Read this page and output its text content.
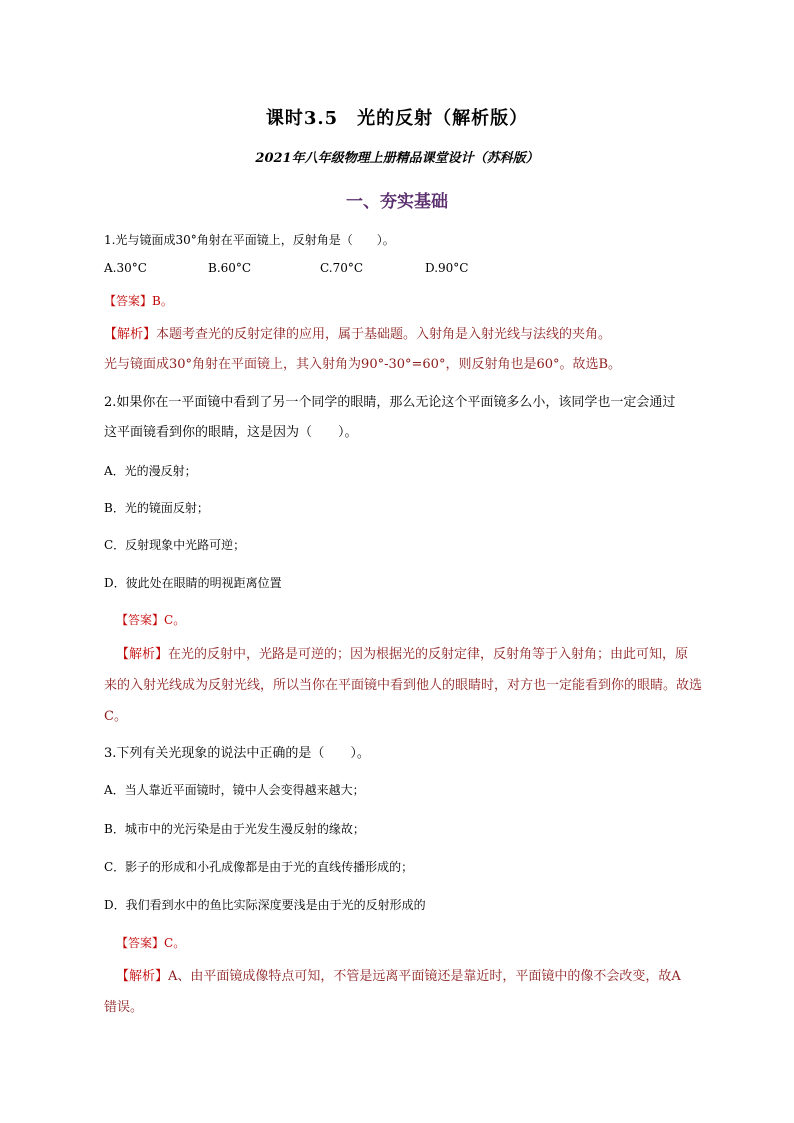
课时3.5　光的反射（解析版）
2021年八年级物理上册精品课堂设计（苏科版）
一、夯实基础
1.光与镜面成30°角射在平面镜上，反射角是（　　）。
A.30°C	B.60°C	C.70°C	D.90°C
【答案】B。
【解析】本题考查光的反射定律的应用，属于基础题。入射角是入射光线与法线的夹角。
光与镜面成30°角射在平面镜上，其入射角为90°-30°=60°，则反射角也是60°。故选B。
2.如果你在一平面镜中看到了另一个同学的眼睛，那么无论这个平面镜多么小，该同学也一定会通过
这平面镜看到你的眼睛，这是因为（　　）。
A．光的漫反射；
B．光的镜面反射；
C．反射现象中光路可逆；
D．彼此处在眼睛的明视距离位置
【答案】C。
【解析】在光的反射中，光路是可逆的；因为根据光的反射定律，反射角等于入射角；由此可知，原
来的入射光线成为反射光线，所以当你在平面镜中看到他人的眼睛时，对方也一定能看到你的眼睛。故选
C。
3.下列有关光现象的说法中正确的是（　　）。
A．当人靠近平面镜时，镜中人会变得越来越大；
B．城市中的光污染是由于光发生漫反射的缘故；
C．影子的形成和小孔成像都是由于光的直线传播形成的；
D．我们看到水中的鱼比实际深度要浅是由于光的反射形成的
【答案】C。
【解析】A、由平面镜成像特点可知，不管是远离平面镜还是靠近时，平面镜中的像不会改变，故A
错误。
